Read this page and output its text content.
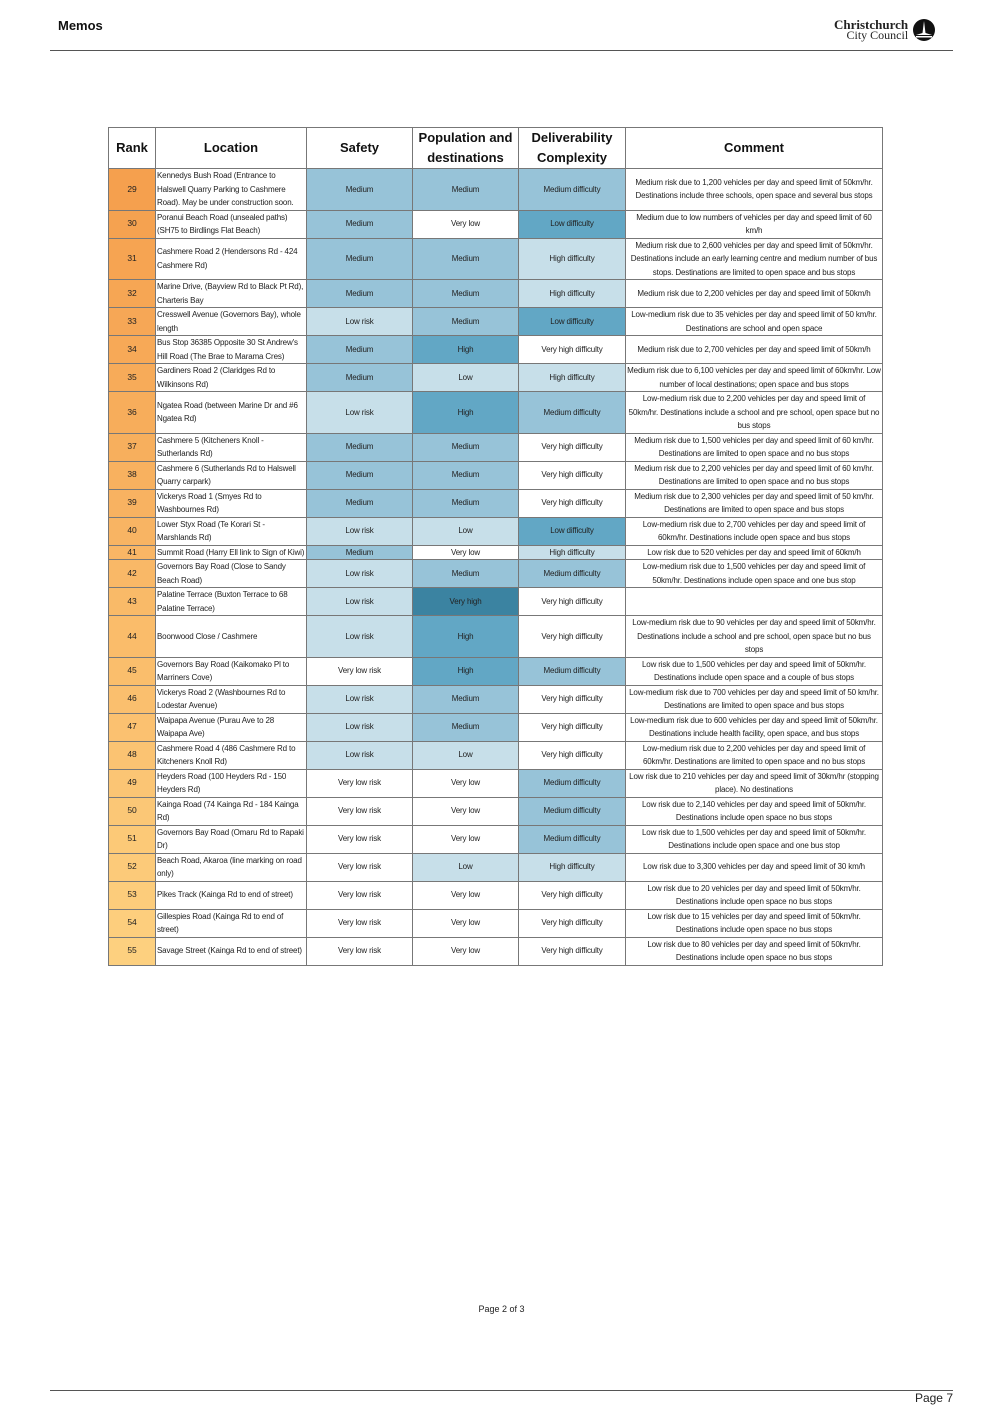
Memos	Christchurch
City Council
Rank	Location	Safety	Population and destinations	Deliverability Complexity	Comment
29	Kennedys Bush Road (Entrance to Halswell Quarry Parking to Cashmere Road). May be under construction soon.	Medium	Medium	Medium difficulty	Medium risk due to 1,200 vehicles per day and speed limit of 50km/hr. Destinations include three schools, open space and several bus stops
30	Poranui Beach Road (unsealed paths) (SH75 to Birdlings Flat Beach)	Medium	Very low	Low difficulty	Medium due to low numbers of vehicles per day and speed limit of 60 km/h
31	Cashmere Road 2 (Hendersons Rd - 424 Cashmere Rd)	Medium	Medium	High difficulty	Medium risk due to 2,600 vehicles per day and speed limit of 50km/hr. Destinations include an early learning centre and medium number of bus stops. Destinations are limited to open space and bus stops
32	Marine Drive, (Bayview Rd to Black Pt Rd), Charteris Bay	Medium	Medium	High difficulty	Medium risk due to 2,200 vehicles per day and speed limit of 50km/h
33	Cresswell Avenue (Governors Bay), whole length	Low risk	Medium	Low difficulty	Low-medium risk due to 35 vehicles per day and speed limit of 50 km/hr. Destinations are school and open space
34	Bus Stop 36385 Opposite 30 St Andrew's Hill Road (The Brae to Marama Cres)	Medium	High	Very high difficulty	Medium risk due to 2,700 vehicles per day and speed limit of 50km/h
35	Gardiners Road 2 (Claridges Rd to Wilkinsons Rd)	Medium	Low	High difficulty	Medium risk due to 6,100 vehicles per day and speed limit of 60km/hr. Low number of local destinations; open space and bus stops
36	Ngatea Road (between Marine Dr and #6 Ngatea Rd)	Low risk	High	Medium difficulty	Low-medium risk due to 2,200 vehicles per day and speed limit of 50km/hr. Destinations include a school and pre school, open space but no bus stops
37	Cashmere 5 (Kitcheners Knoll - Sutherlands Rd)	Medium	Medium	Very high difficulty	Medium risk due to 1,500 vehicles per day and speed limit of 60 km/hr. Destinations are limited to open space and no bus stops
38	Cashmere 6 (Sutherlands Rd to Halswell Quarry carpark)	Medium	Medium	Very high difficulty	Medium risk due to 2,200 vehicles per day and speed limit of 60 km/hr. Destinations are limited to open space and no bus stops
39	Vickerys Road 1 (Smyes Rd to Washbournes Rd)	Medium	Medium	Very high difficulty	Medium risk due to 2,300 vehicles per day and speed limit of 50 km/hr. Destinations are limited to open space and bus stops
40	Lower Styx Road (Te Korari St - Marshlands Rd)	Low risk	Low	Low difficulty	Low-medium risk due to 2,700 vehicles per day and speed limit of 60km/hr. Destinations include open space and bus stops
41	Summit Road (Harry Ell link to Sign of Kiwi)	Medium	Very low	High difficulty	Low risk due to 520 vehicles per day and speed limit of 60km/h
42	Governors Bay Road (Close to Sandy Beach Road)	Low risk	Medium	Medium difficulty	Low-medium risk due to 1,500 vehicles per day and speed limit of 50km/hr. Destinations include open space and one bus stop
43	Palatine Terrace (Buxton Terrace to 68 Palatine Terrace)	Low risk	Very high	Very high difficulty	
44	Boonwood Close / Cashmere	Low risk	High	Very high difficulty	Low-medium risk due to 90 vehicles per day and speed limit of 50km/hr. Destinations include a school and pre school, open space but no bus stops
45	Governors Bay Road (Kaikomako Pl to Marriners Cove)	Very low risk	High	Medium difficulty	Low risk due to 1,500 vehicles per day and speed limit of 50km/hr. Destinations include open space and a couple of bus stops
46	Vickerys Road 2 (Washbournes Rd to Lodestar Avenue)	Low risk	Medium	Very high difficulty	Low-medium risk due to 700 vehicles per day and speed limit of 50 km/hr. Destinations are limited to open space and bus stops
47	Waipapa Avenue (Purau Ave to 28 Waipapa Ave)	Low risk	Medium	Very high difficulty	Low-medium risk due to 600 vehicles per day and speed limit of 50km/hr. Destinations include health facility, open space, and bus stops
48	Cashmere Road 4 (486 Cashmere Rd to Kitcheners Knoll Rd)	Low risk	Low	Very high difficulty	Low-medium risk due to 2,200 vehicles per day and speed limit of 60km/hr. Destinations are limited to open space and no bus stops
49	Heyders Road (100 Heyders Rd - 150 Heyders Rd)	Very low risk	Very low	Medium difficulty	Low risk due to 210 vehicles per day and speed limit of 30km/hr (stopping place). No destinations
50	Kainga Road (74 Kainga Rd - 184 Kainga Rd)	Very low risk	Very low	Medium difficulty	Low risk due to 2,140 vehicles per day and speed limit of 50km/hr. Destinations include open space no bus stops
51	Governors Bay Road (Omaru Rd to Rapaki Dr)	Very low risk	Very low	Medium difficulty	Low risk due to 1,500 vehicles per day and speed limit of 50km/hr. Destinations include open space and one bus stop
52	Beach Road, Akaroa (line marking on road only)	Very low risk	Low	High difficulty	Low risk due to 3,300 vehicles per day and speed limit of 30 km/h
53	Pikes Track (Kainga Rd to end of street)	Very low risk	Very low	Very high difficulty	Low risk due to 20 vehicles per day and speed limit of 50km/hr. Destinations include open space no bus stops
54	Gillespies Road (Kainga Rd to end of street)	Very low risk	Very low	Very high difficulty	Low risk due to 15 vehicles per day and speed limit of 50km/hr. Destinations include open space no bus stops
55	Savage Street (Kainga Rd to end of street)	Very low risk	Very low	Very high difficulty	Low risk due to 80 vehicles per day and speed limit of 50km/hr. Destinations include open space no bus stops
Page 2 of 3
Page 7
